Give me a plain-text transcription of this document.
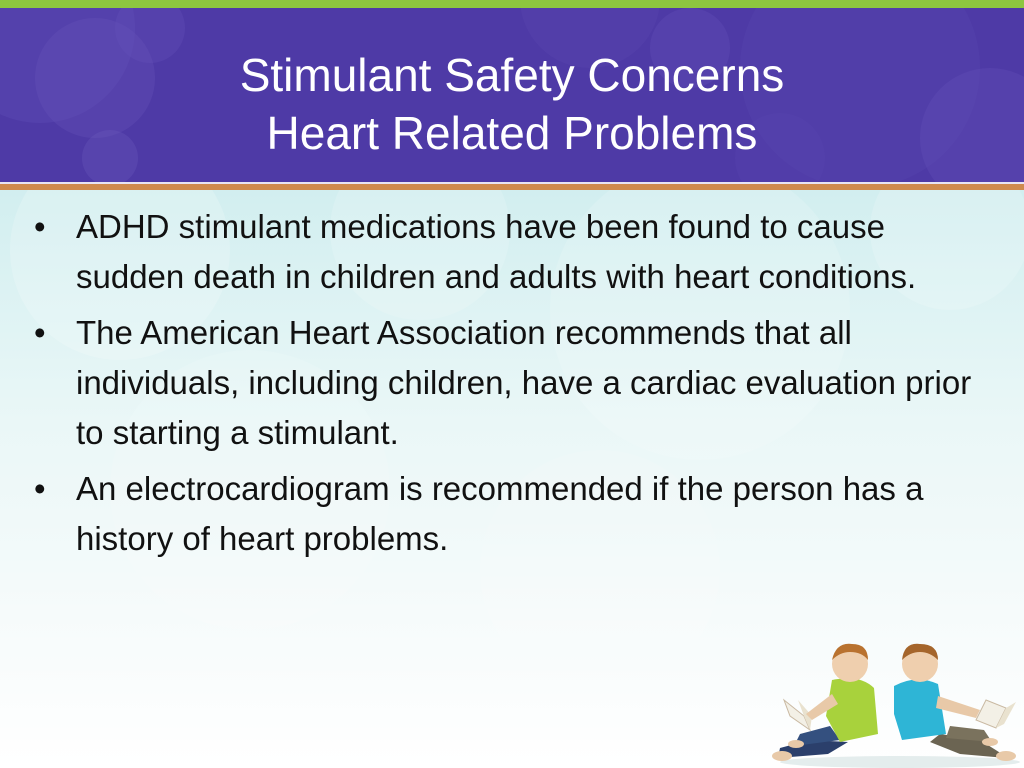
Stimulant Safety Concerns
Heart Related Problems
• ADHD stimulant medications have been found to cause sudden death in children and adults with heart conditions.
• The American Heart Association recommends that all individuals, including children, have a cardiac evaluation prior to starting a stimulant.
• An electrocardiogram is recommended if the person has a history of heart problems.
